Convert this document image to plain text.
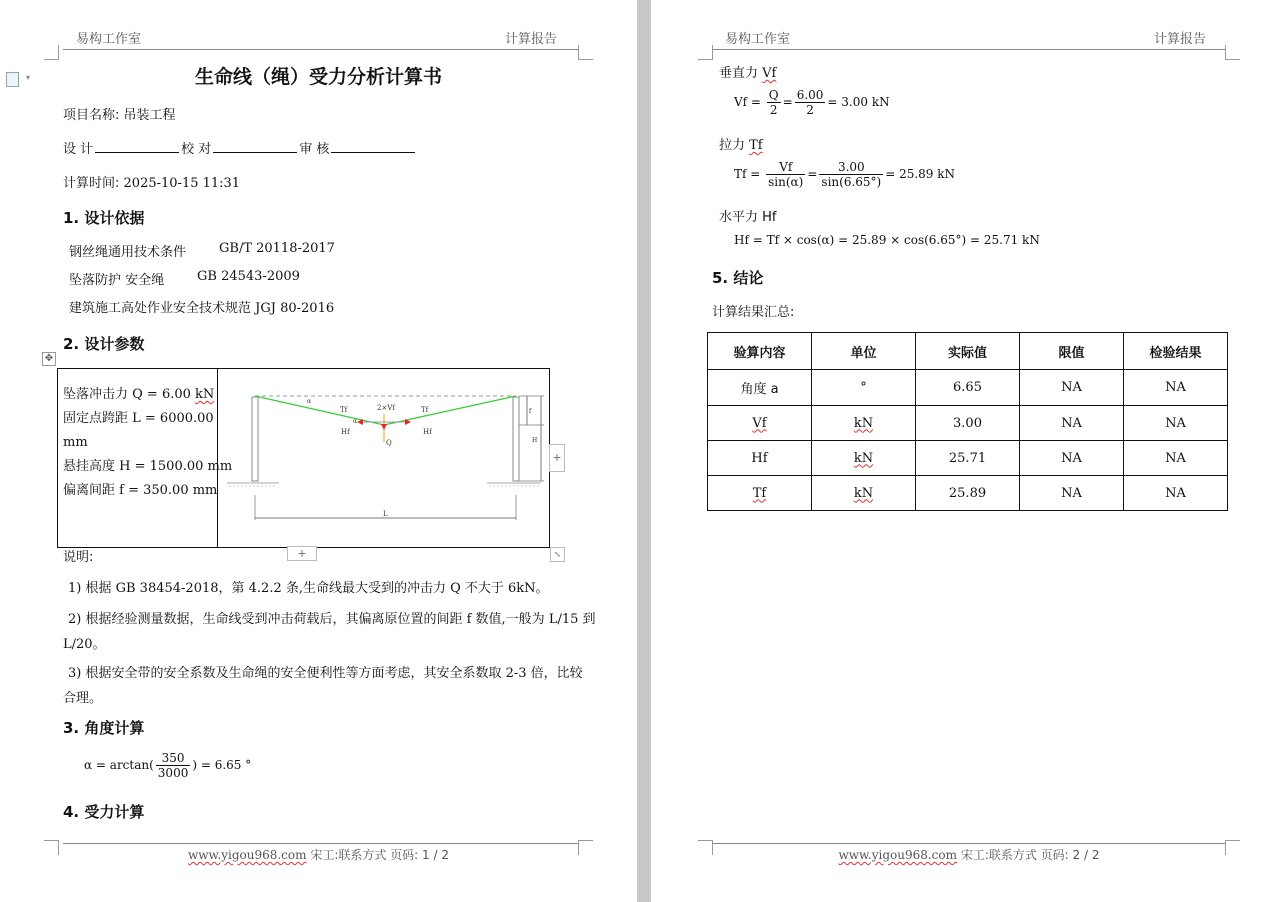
易构工作室	计算报告
▾	生命线（绳）受力分析计算书
项目名称: 吊装工程
设 计	校 对	审 核
计算时间: 2025-10-15 11:31
1. 设计依据
钢丝绳通用技术条件	GB/T 20118-2017
坠落防护 安全绳	GB 24543-2009
建筑施工高处作业安全技术规范 JGJ 80-2016
2. 设计参数
✥
坠落冲击力 Q = 6.00 kN
固定点跨距 L = 6000.00
mm
悬挂高度 H = 1500.00 mm
偏离间距 f = 350.00 mm
2×Vf
Tf	Tf
Hf	Hf
Q
α
α
f
H
L
+
+	⤡
说明:
1) 根据 GB 38454-2018，第 4.2.2 条,生命线最大受到的冲击力 Q 不大于 6kN。
2) 根据经验测量数据，生命线受到冲击荷载后，其偏离原位置的间距 f 数值,一般为 L/15 到
L/20。
3) 根据安全带的安全系数及生命绳的安全便利性等方面考虑，其安全系数取 2-3 倍，比较
合理。
3. 角度计算
$\alpha = \arctan( \frac{350}{3000}$ ) = 6.65 °
4. 受力计算
www.yigou968.com 宋工:联系方式 页码: 1 / 2
易构工作室	计算报告
垂直力 Vf
$Vf = \frac{Q}{2} = \frac{6.00}{2} = 3.00$ kN
拉力 Tf
$Tf = \frac{Vf}{\sin(\alpha)} = \frac{3.00}{\sin(6.65^\circ)} = 25.89$ kN
水平力 Hf
Hf = Tf × cos(α) = 25.89 × cos(6.65°) = 25.71 kN
5. 结论
计算结果汇总:
验算内容	单位	实际值	限值	检验结果
角度 a	°	6.65	NA	NA
Vf	kN	3.00	NA	NA
Hf	kN	25.71	NA	NA
Tf	kN	25.89	NA	NA
www.yigou968.com 宋工:联系方式 页码: 2 / 2
